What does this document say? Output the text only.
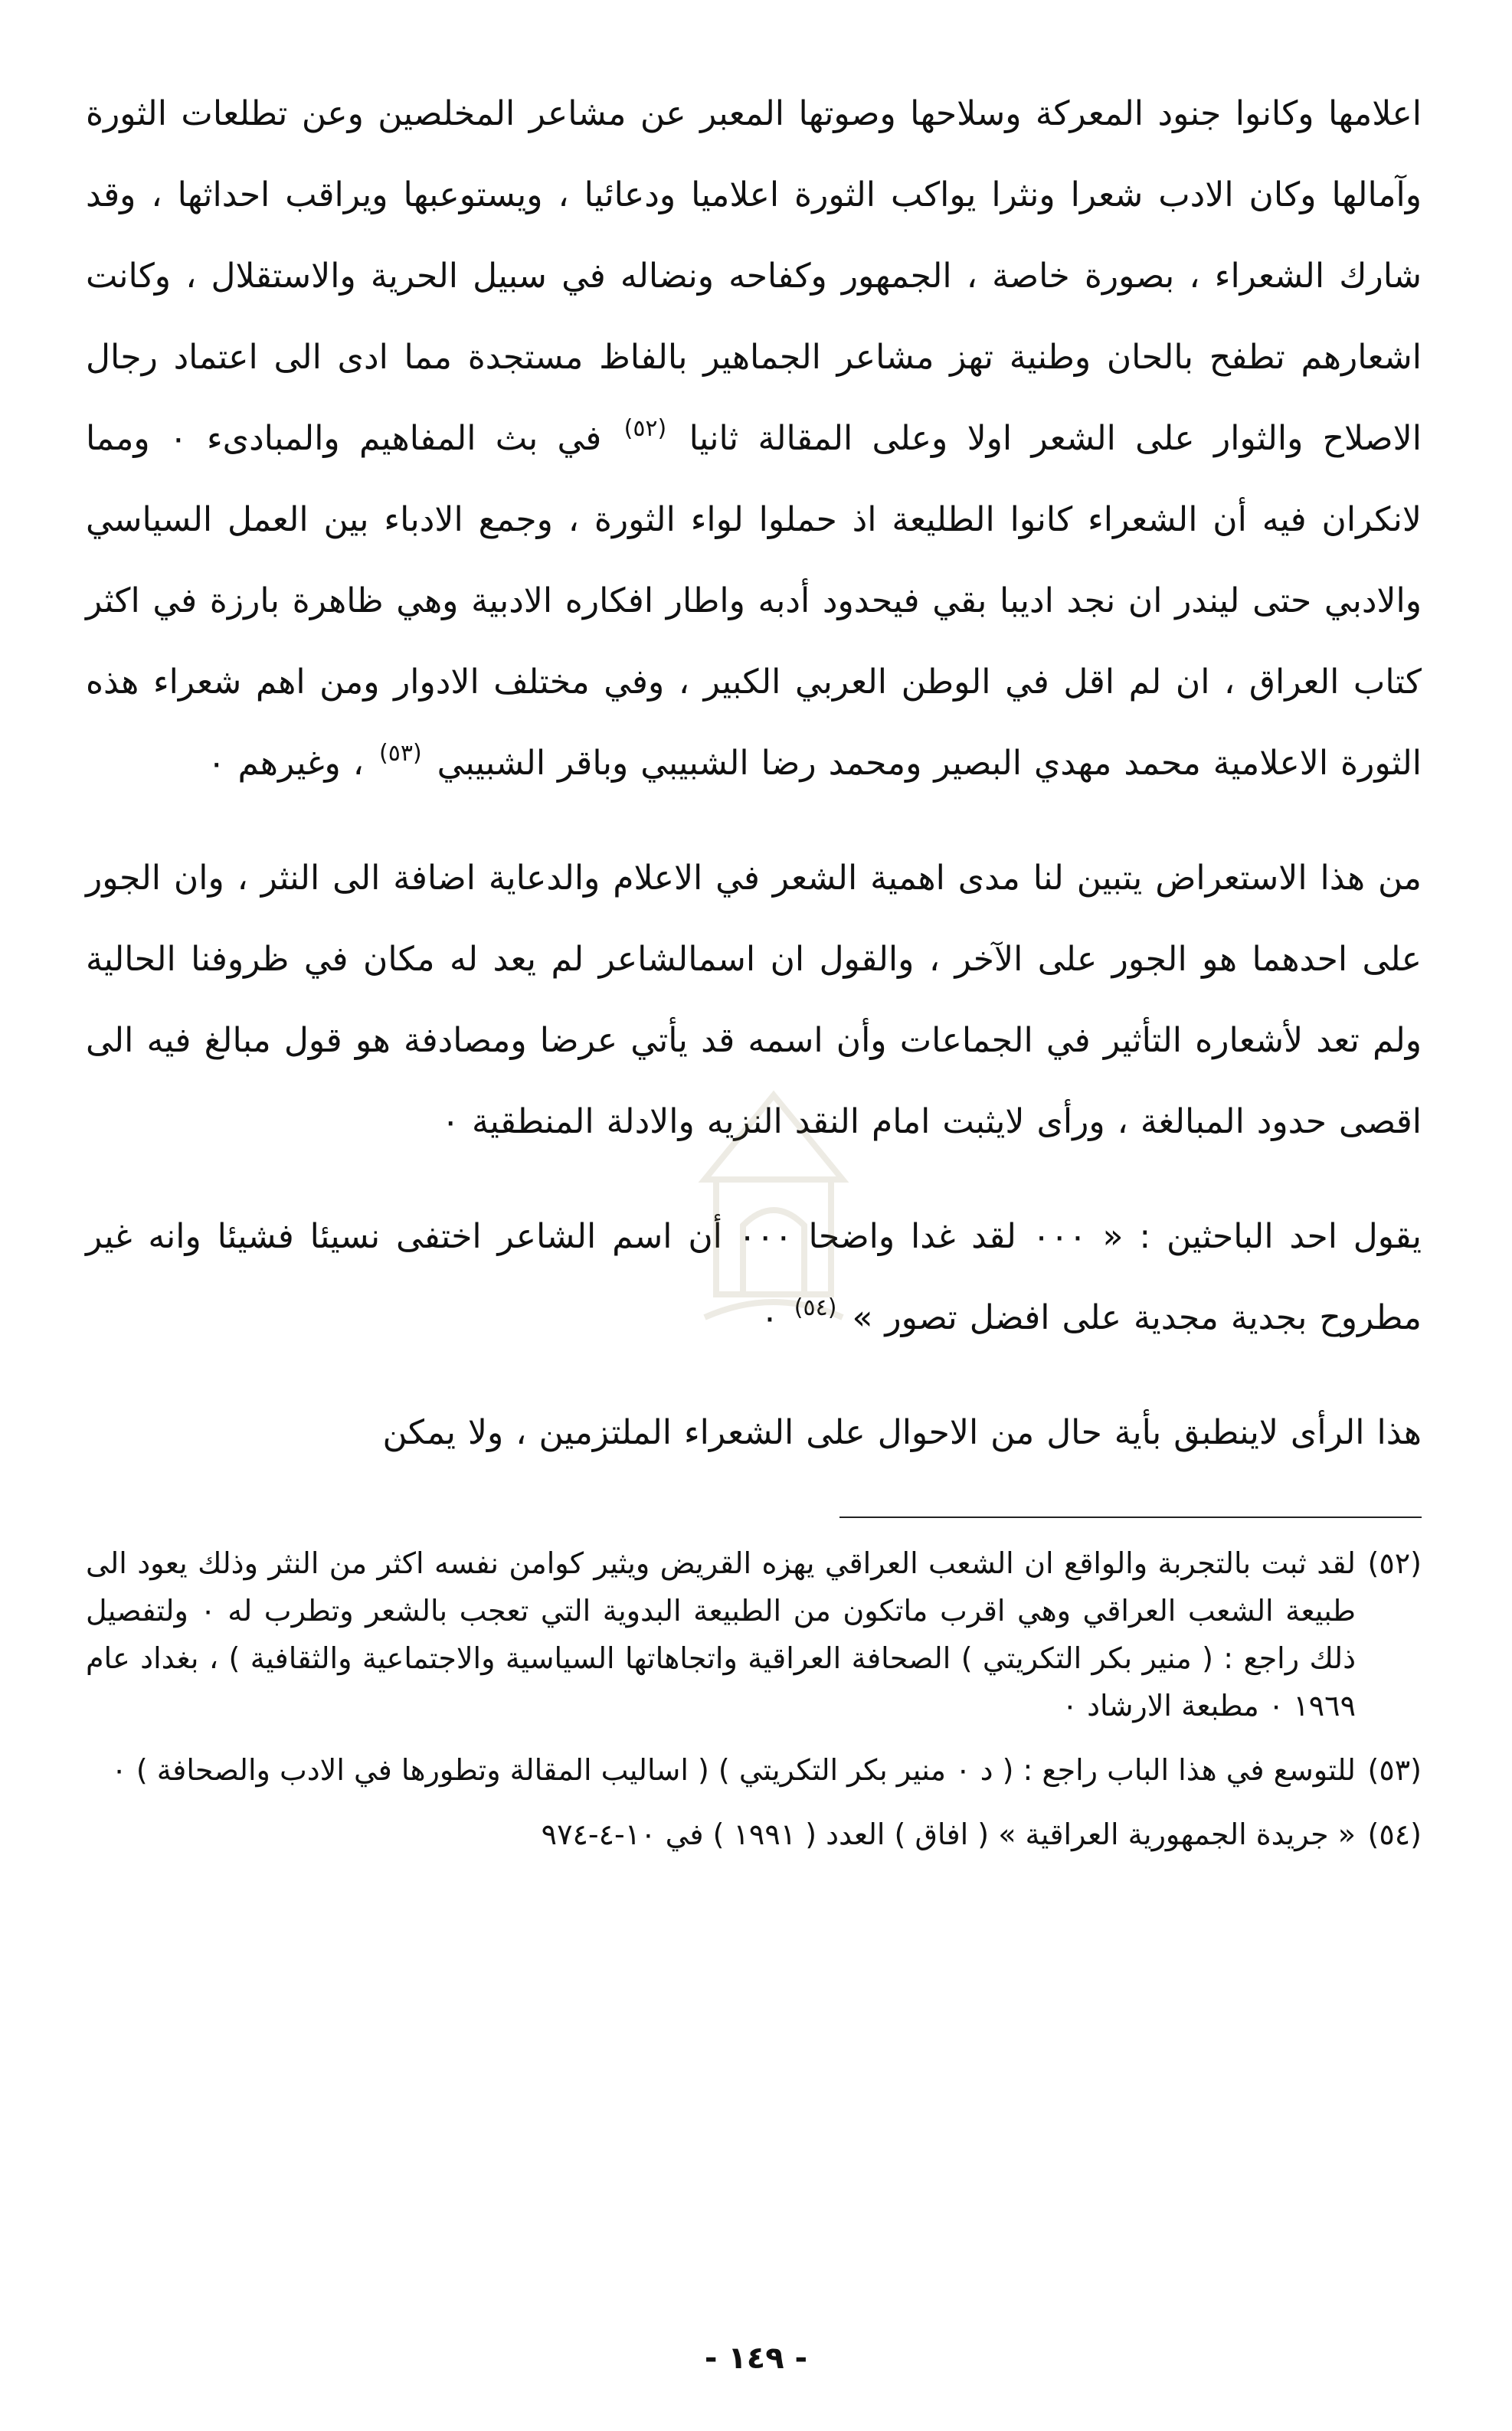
اعلامها وكانوا جنود المعركة وسلاحها وصوتها المعبر عن مشاعر المخلصين وعن تطلعات الثورة وآمالها وكان الادب شعرا ونثرا يواكب الثورة اعلاميا ودعائيا ، ويستوعبها ويراقب احداثها ، وقد شارك الشعراء ، بصورة خاصة ، الجمهور وكفاحه ونضاله في سبيل الحرية والاستقلال ، وكانت اشعارهم تطفح بالحان وطنية تهز مشاعر الجماهير بالفاظ مستجدة مما ادى الى اعتماد رجال الاصلاح والثوار على الشعر اولا وعلى المقالة ثانيا $^{(٥٢)}$ في بث المفاهيم والمبادىء ٠ ومما لانكران فيه أن الشعراء كانوا الطليعة اذ حملوا لواء الثورة ، وجمع الادباء بين العمل السياسي والادبي حتى ليندر ان نجد اديبا بقي فيحدود أدبه واطار افكاره الادبية وهي ظاهرة بارزة في اكثر كتاب العراق ، ان لم اقل في الوطن العربي الكبير ، وفي مختلف الادوار ومن اهم شعراء هذه الثورة الاعلامية محمد مهدي البصير ومحمد رضا الشبيبي وباقر الشبيبي $^{(٥٣)}$ ، وغيرهم ٠

من هذا الاستعراض يتبين لنا مدى اهمية الشعر في الاعلام والدعاية اضافة الى النثر ، وان الجور على احدهما هو الجور على الآخر ، والقول ان اسمالشاعر لم يعد له مكان في ظروفنا الحالية ولم تعد لأشعاره التأثير في الجماعات وأن اسمه قد يأتي عرضا ومصادفة هو قول مبالغ فيه الى اقصى حدود المبالغة ، ورأى لايثبت امام النقد النزيه والادلة المنطقية ٠

يقول احد الباحثين : « ٠٠٠ لقد غدا واضحا ٠٠٠ أن اسم الشاعر اختفى نسيئا فشيئا وانه غير مطروح بجدية مجدية على افضل تصور » $^{(٥٤)}$ ٠

هذا الرأى لاينطبق بأية حال من الاحوال على الشعراء الملتزمين ، ولا يمكن

(٥٢)
لقد ثبت بالتجربة والواقع ان الشعب العراقي يهزه القريض ويثير كوامن نفسه اكثر من النثر وذلك يعود الى طبيعة الشعب العراقي وهي اقرب ماتكون من الطبيعة البدوية التي تعجب بالشعر وتطرب له ٠ ولتفصيل ذلك راجع : ( منير بكر التكريتي ) الصحافة العراقية واتجاهاتها السياسية والاجتماعية والثقافية ) ، بغداد عام ١٩٦٩ ٠ مطبعة الارشاد ٠
(٥٣)
للتوسع في هذا الباب راجع : ( د ٠ منير بكر التكريتي ) ( اساليب المقالة وتطورها في الادب والصحافة ) ٠
(٥٤)
« جريدة الجمهورية العراقية » ( افاق ) العدد ( ١٩٩١ ) في ١٠-٤-٩٧٤
- ١٤٩ -
